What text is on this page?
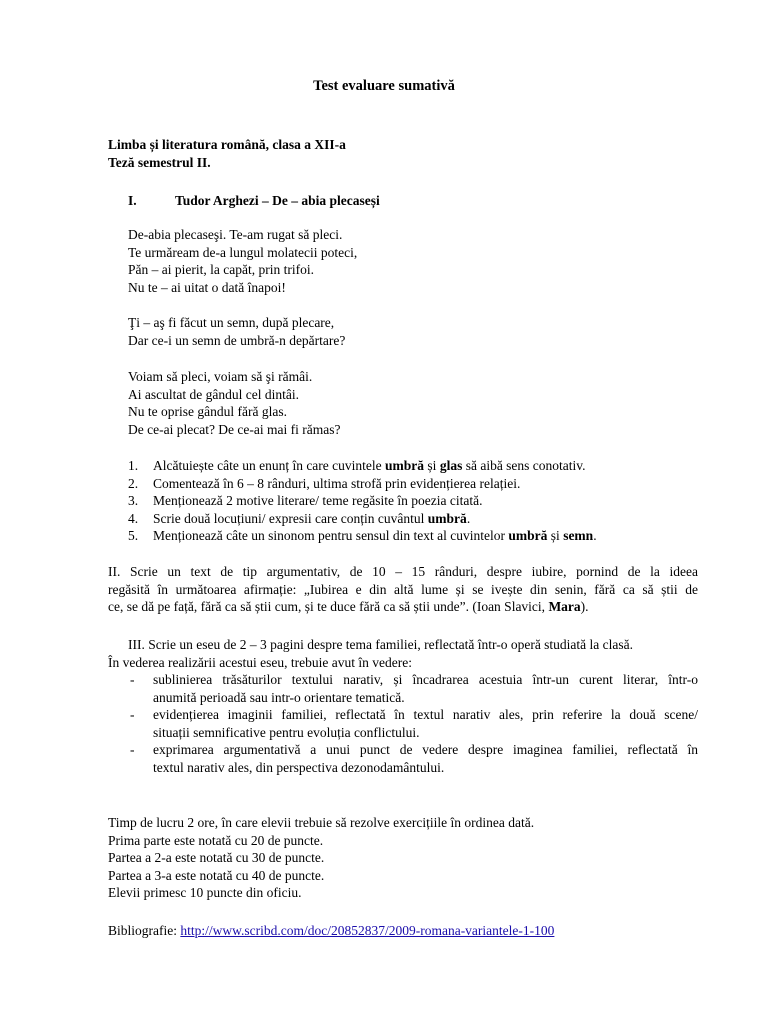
Test evaluare sumativă
Limba și literatura română, clasa a XII-a
Teză semestrul II.
I.	Tudor Arghezi – De – abia plecaseși
De-abia plecaseşi. Te-am rugat să pleci.
Te urmăream de-a lungul molatecii poteci,
Păn – ai pierit, la capăt, prin trifoi.
Nu te – ai uitat o dată înapoi!
Ţi – aş fi făcut un semn, după plecare,
Dar ce-i un semn de umbră-n depărtare?
Voiam să pleci, voiam să şi rămâi.
Ai ascultat de gândul cel dintâi.
Nu te oprise gândul fără glas.
De ce-ai plecat? De ce-ai mai fi rămas?
1.	Alcătuiește câte un enunț în care cuvintele umbră și glas să aibă sens conotativ.
2.	Comentează în 6 – 8 rânduri, ultima strofă prin evidențierea relației.
3.	Menționează 2 motive literare/ teme regăsite în poezia citată.
4.	Scrie două locuțiuni/ expresii care conțin cuvântul umbră.
5.	Menționează câte un sinonom pentru sensul din text al cuvintelor umbră și semn.
II. Scrie un text de tip argumentativ, de 10 – 15 rânduri, despre iubire, pornind de la ideea
regăsită în următoarea afirmație: „Iubirea e din altă lume și se ivește din senin, fără ca să știi de
ce, se dă pe față, fără ca să știi cum, și te duce fără ca să știi unde”. (Ioan Slavici, Mara).
III. Scrie un eseu de 2 – 3 pagini despre tema familiei, reflectată într-o operă studiată la clasă.
În vederea realizării acestui eseu, trebuie avut în vedere:
- sublinierea trăsăturilor textului narativ, și încadrarea acestuia într-un curent literar, într-o
anumită perioadă sau intr-o orientare tematică.
- evidențierea imaginii familiei, reflectată în textul narativ ales, prin referire la două scene/
situații semnificative pentru evoluția conflictului.
- exprimarea argumentativă a unui punct de vedere despre imaginea familiei, reflectată în
textul narativ ales, din perspectiva dezonodamântului.
Timp de lucru 2 ore, în care elevii trebuie să rezolve exercițiile în ordinea dată.
Prima parte este notată cu 20 de puncte.
Partea a 2-a este notată cu 30 de puncte.
Partea a 3-a este notată cu 40 de puncte.
Elevii primesc 10 puncte din oficiu.
Bibliografie: http://www.scribd.com/doc/20852837/2009-romana-variantele-1-100
